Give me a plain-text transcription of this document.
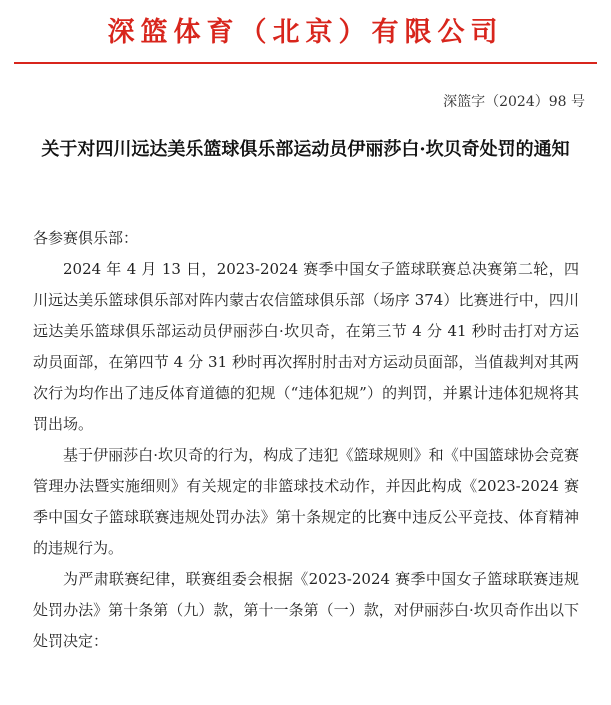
深篮体育（北京）有限公司
深篮字（2024）98 号
关于对四川远达美乐篮球俱乐部运动员伊丽莎白·坎贝奇处罚的通知
各参赛俱乐部：

2024 年 4 月 13 日，2023-2024 赛季中国女子篮球联赛总决赛第二轮，四川远达美乐篮球俱乐部对阵内蒙古农信篮球俱乐部（场序 374）比赛进行中，四川远达美乐篮球俱乐部运动员伊丽莎白·坎贝奇，在第三节 4 分 41 秒时击打对方运动员面部，在第四节 4 分 31 秒时再次挥肘肘击对方运动员面部，当值裁判对其两次行为均作出了违反体育道德的犯规（“违体犯规”）的判罚，并累计违体犯规将其罚出场。

基于伊丽莎白·坎贝奇的行为，构成了违犯《篮球规则》和《中国篮球协会竞赛管理办法暨实施细则》有关规定的非篮球技术动作，并因此构成《2023-2024 赛季中国女子篮球联赛违规处罚办法》第十条规定的比赛中违反公平竞技、体育精神的违规行为。

为严肃联赛纪律，联赛组委会根据《2023-2024 赛季中国女子篮球联赛违规处罚办法》第十条第（九）款，第十一条第（一）款，对伊丽莎白·坎贝奇作出以下处罚决定：
